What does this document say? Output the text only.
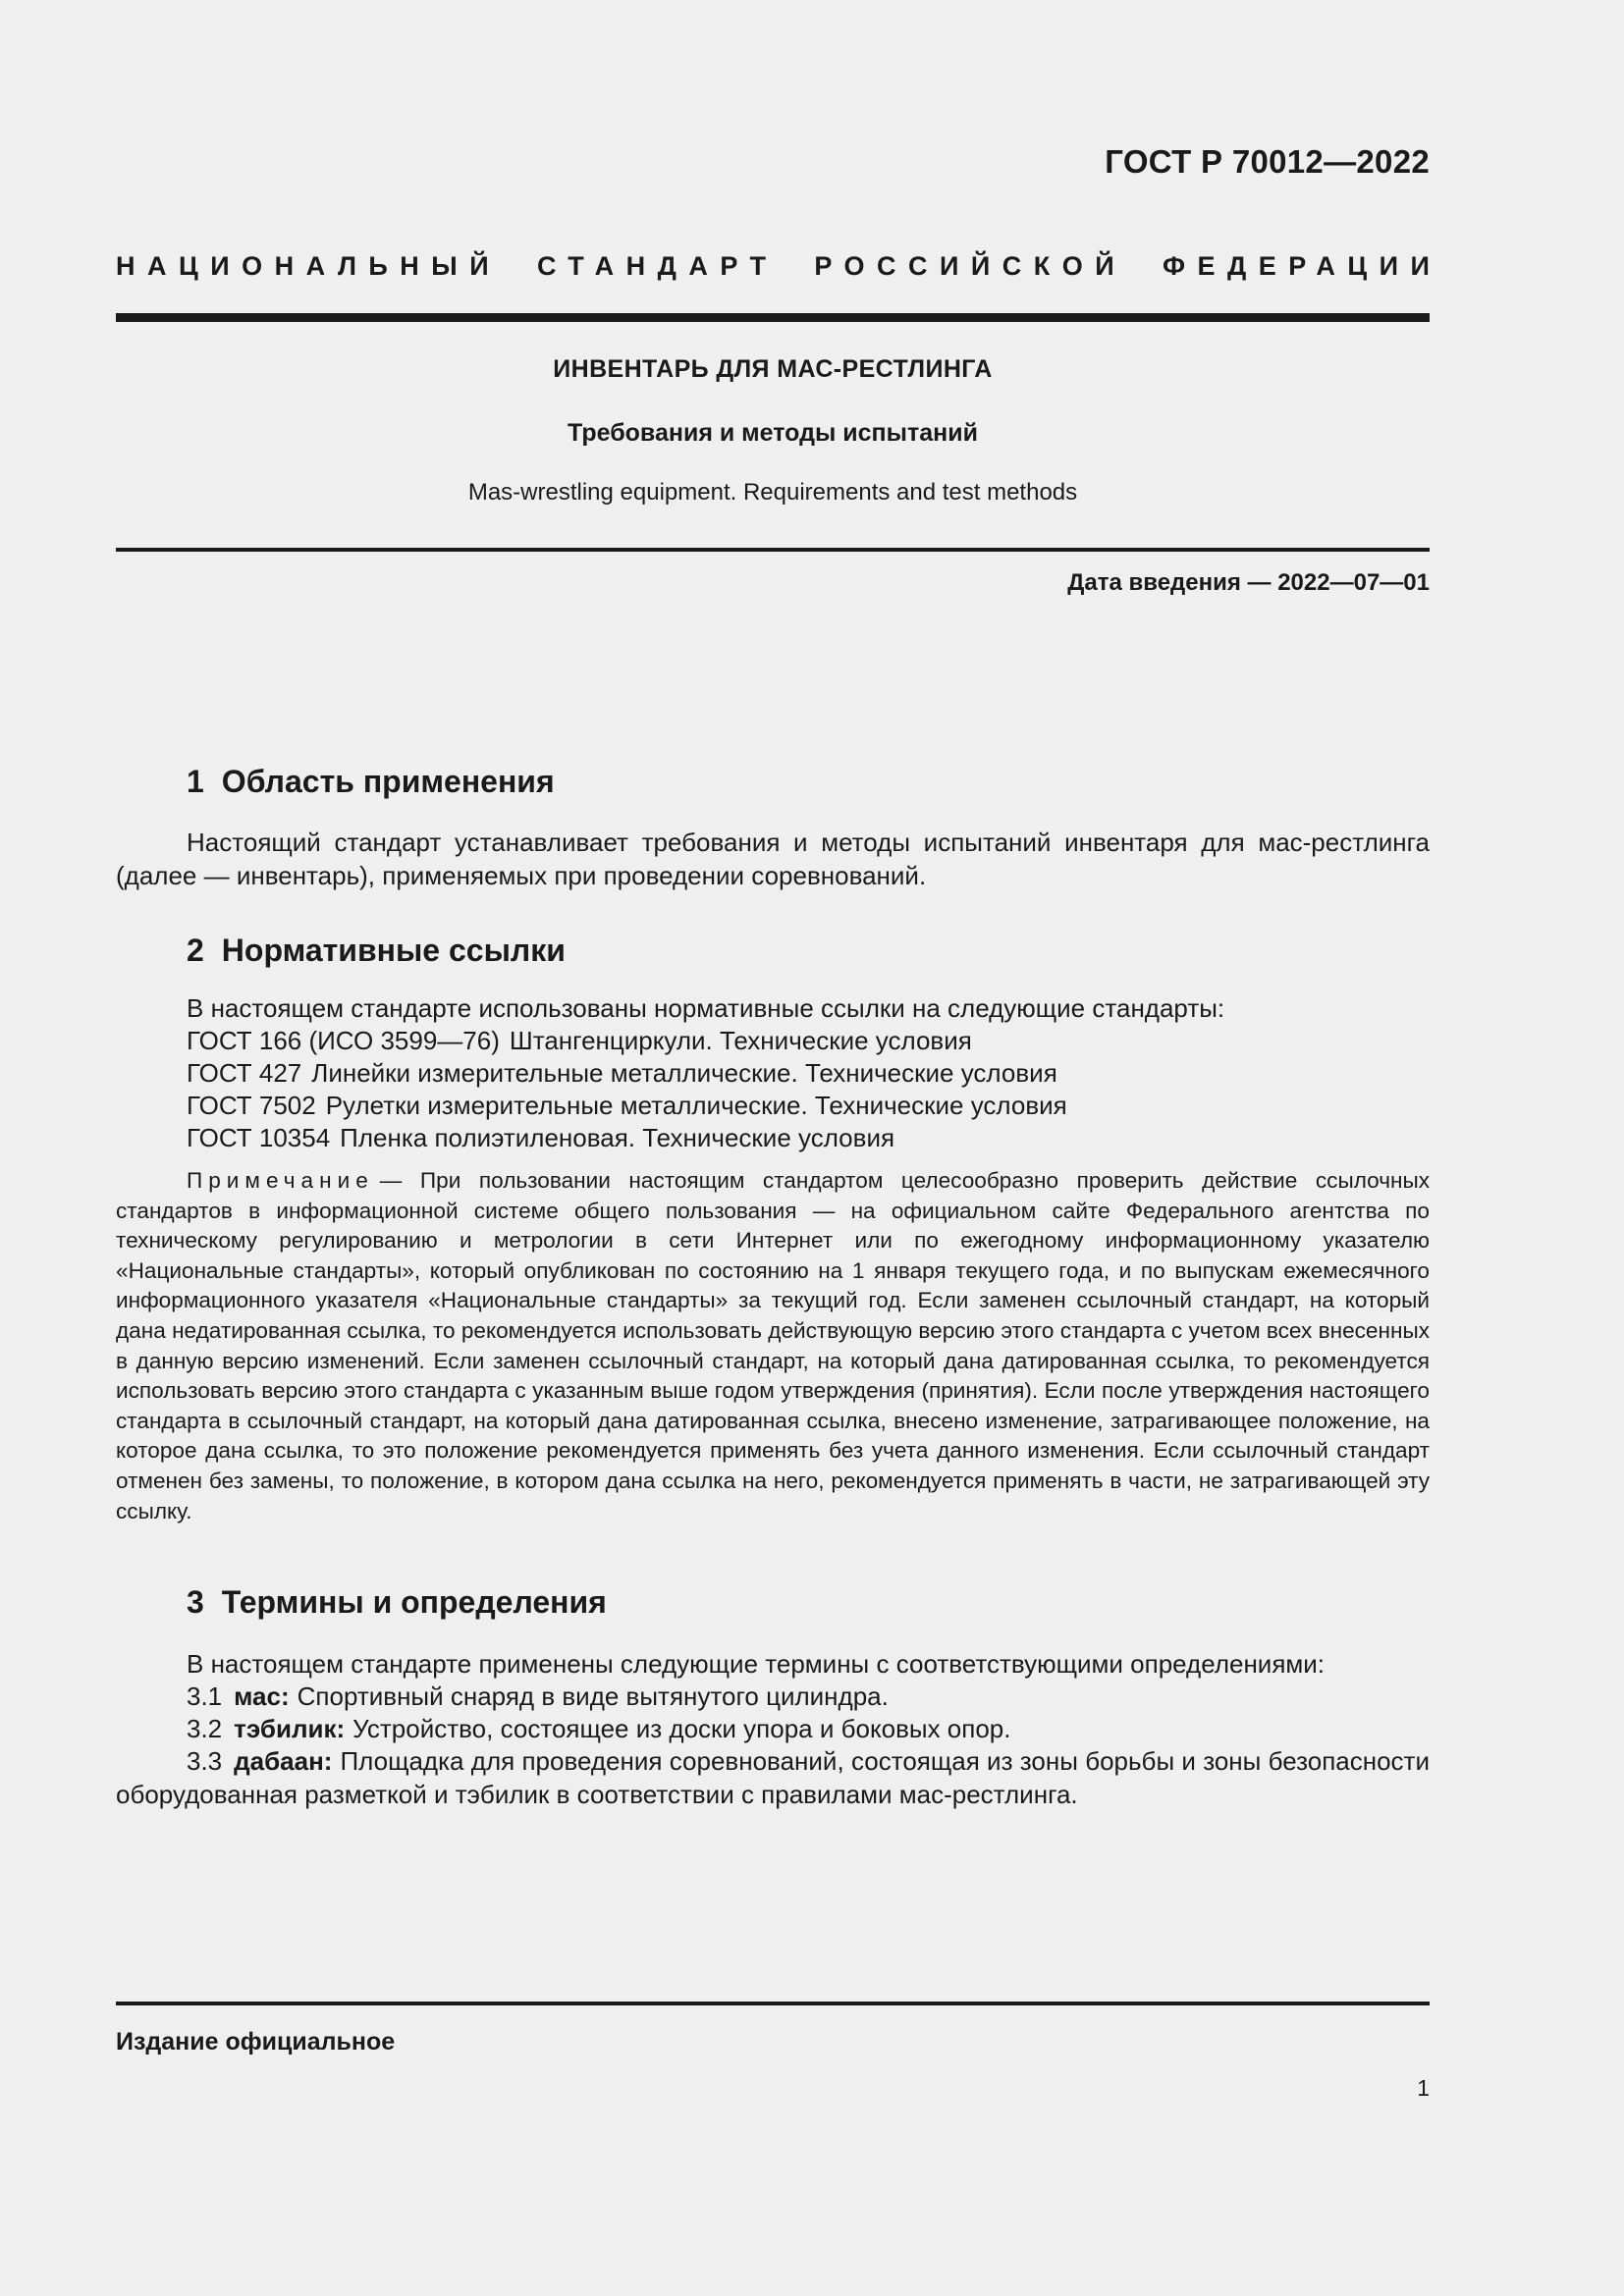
ГОСТ Р 70012—2022
НАЦИОНАЛЬНЫЙ СТАНДАРТ РОССИЙСКОЙ ФЕДЕРАЦИИ
ИНВЕНТАРЬ ДЛЯ МАС-РЕСТЛИНГА
Требования и методы испытаний
Mas-wrestling equipment. Requirements and test methods
Дата введения — 2022—07—01
1 Область применения
Настоящий стандарт устанавливает требования и методы испытаний инвентаря для мас-рестлинга (далее — инвентарь), применяемых при проведении соревнований.
2 Нормативные ссылки
В настоящем стандарте использованы нормативные ссылки на следующие стандарты:
ГОСТ 166 (ИСО 3599—76) Штангенциркули. Технические условия
ГОСТ 427 Линейки измерительные металлические. Технические условия
ГОСТ 7502 Рулетки измерительные металлические. Технические условия
ГОСТ 10354 Пленка полиэтиленовая. Технические условия
Примечание — При пользовании настоящим стандартом целесообразно проверить действие ссылочных стандартов в информационной системе общего пользования — на официальном сайте Федерального агентства по техническому регулированию и метрологии в сети Интернет или по ежегодному информационному указателю «Национальные стандарты», который опубликован по состоянию на 1 января текущего года, и по выпускам ежемесячного информационного указателя «Национальные стандарты» за текущий год. Если заменен ссылочный стандарт, на который дана недатированная ссылка, то рекомендуется использовать действующую версию этого стандарта с учетом всех внесенных в данную версию изменений. Если заменен ссылочный стандарт, на который дана датированная ссылка, то рекомендуется использовать версию этого стандарта с указанным выше годом утверждения (принятия). Если после утверждения настоящего стандарта в ссылочный стандарт, на который дана датированная ссылка, внесено изменение, затрагивающее положение, на которое дана ссылка, то это положение рекомендуется применять без учета данного изменения. Если ссылочный стандарт отменен без замены, то положение, в котором дана ссылка на него, рекомендуется применять в части, не затрагивающей эту ссылку.
3 Термины и определения
В настоящем стандарте применены следующие термины с соответствующими определениями:
3.1 мас: Спортивный снаряд в виде вытянутого цилиндра.
3.2 тэбилик: Устройство, состоящее из доски упора и боковых опор.
3.3 дабаан: Площадка для проведения соревнований, состоящая из зоны борьбы и зоны безопасности оборудованная разметкой и тэбилик в соответствии с правилами мас-рестлинга.
Издание официальное
1
